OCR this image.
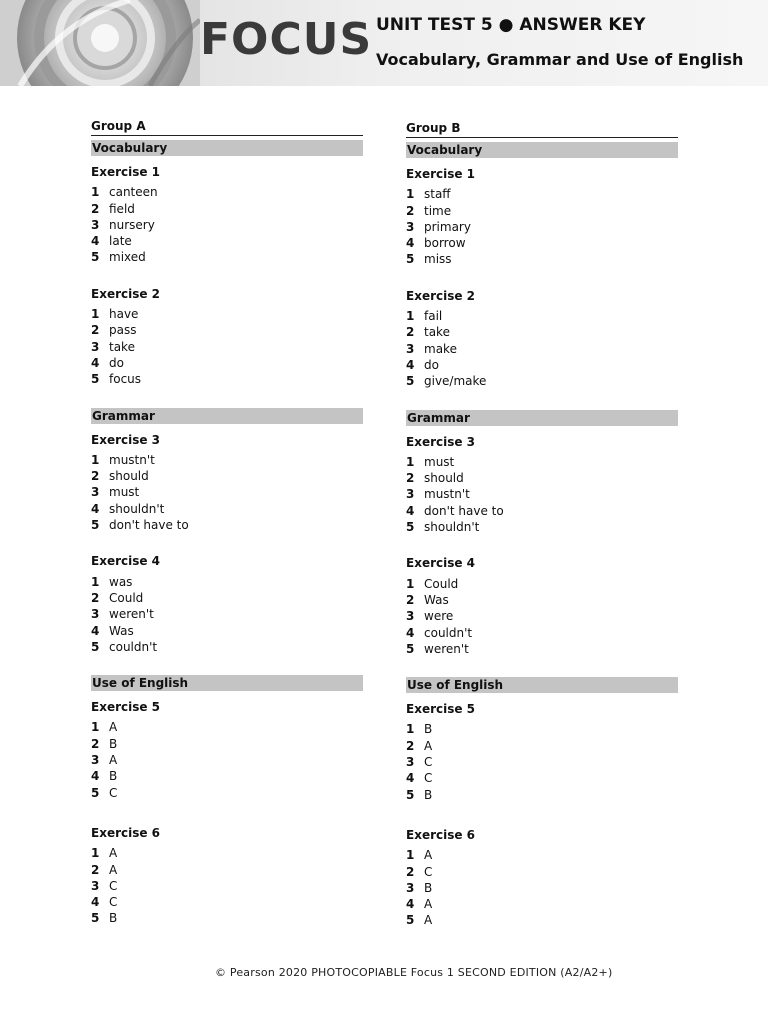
FOCUS UNIT TEST 5 ● ANSWER KEY
Vocabulary, Grammar and Use of English
Group A
Vocabulary
Exercise 1
1 canteen
2 field
3 nursery
4 late
5 mixed
Exercise 2
1 have
2 pass
3 take
4 do
5 focus
Grammar
Exercise 3
1 mustn't
2 should
3 must
4 shouldn't
5 don't have to
Exercise 4
1 was
2 Could
3 weren't
4 Was
5 couldn't
Use of English
Exercise 5
1 A
2 B
3 A
4 B
5 C
Exercise 6
1 A
2 A
3 C
4 C
5 B
Group B
Vocabulary
Exercise 1
1 staff
2 time
3 primary
4 borrow
5 miss
Exercise 2
1 fail
2 take
3 make
4 do
5 give/make
Grammar
Exercise 3
1 must
2 should
3 mustn't
4 don't have to
5 shouldn't
Exercise 4
1 Could
2 Was
3 were
4 couldn't
5 weren't
Use of English
Exercise 5
1 B
2 A
3 C
4 C
5 B
Exercise 6
1 A
2 C
3 B
4 A
5 A
© Pearson 2020 PHOTOCOPIABLE Focus 1 SECOND EDITION (A2/A2+)
